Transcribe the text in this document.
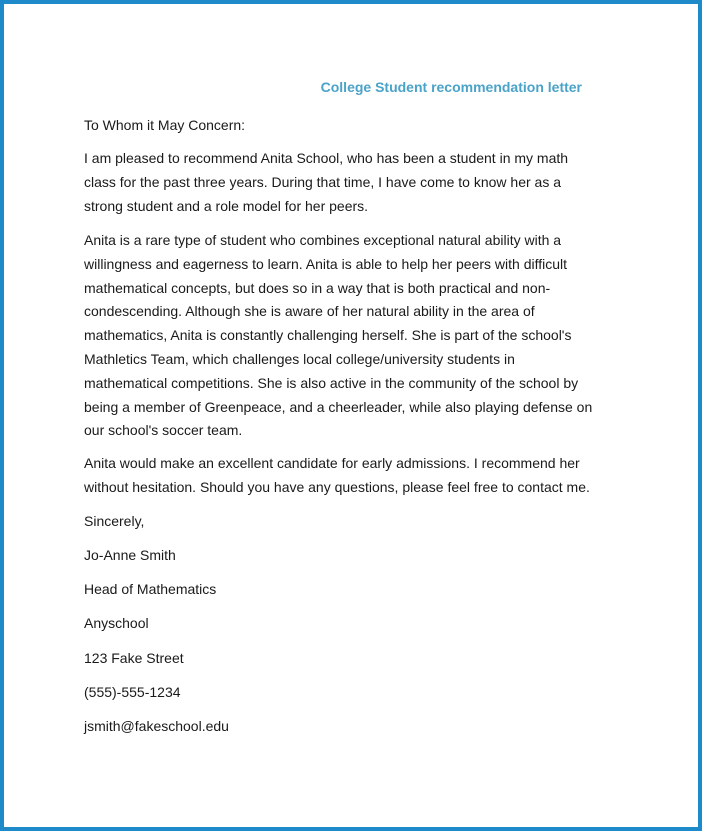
College Student recommendation letter

To Whom it May Concern:

I am pleased to recommend Anita School, who has been a student in my math class for the past three years. During that time, I have come to know her as a strong student and a role model for her peers.

Anita is a rare type of student who combines exceptional natural ability with a willingness and eagerness to learn. Anita is able to help her peers with difficult mathematical concepts, but does so in a way that is both practical and non-condescending. Although she is aware of her natural ability in the area of mathematics, Anita is constantly challenging herself. She is part of the school's Mathletics Team, which challenges local college/university students in mathematical competitions. She is also active in the community of the school by being a member of Greenpeace, and a cheerleader, while also playing defense on our school's soccer team.

Anita would make an excellent candidate for early admissions. I recommend her without hesitation. Should you have any questions, please feel free to contact me.

Sincerely,

Jo-Anne Smith

Head of Mathematics

Anyschool

123 Fake Street

(555)-555-1234

jsmith@fakeschool.edu
